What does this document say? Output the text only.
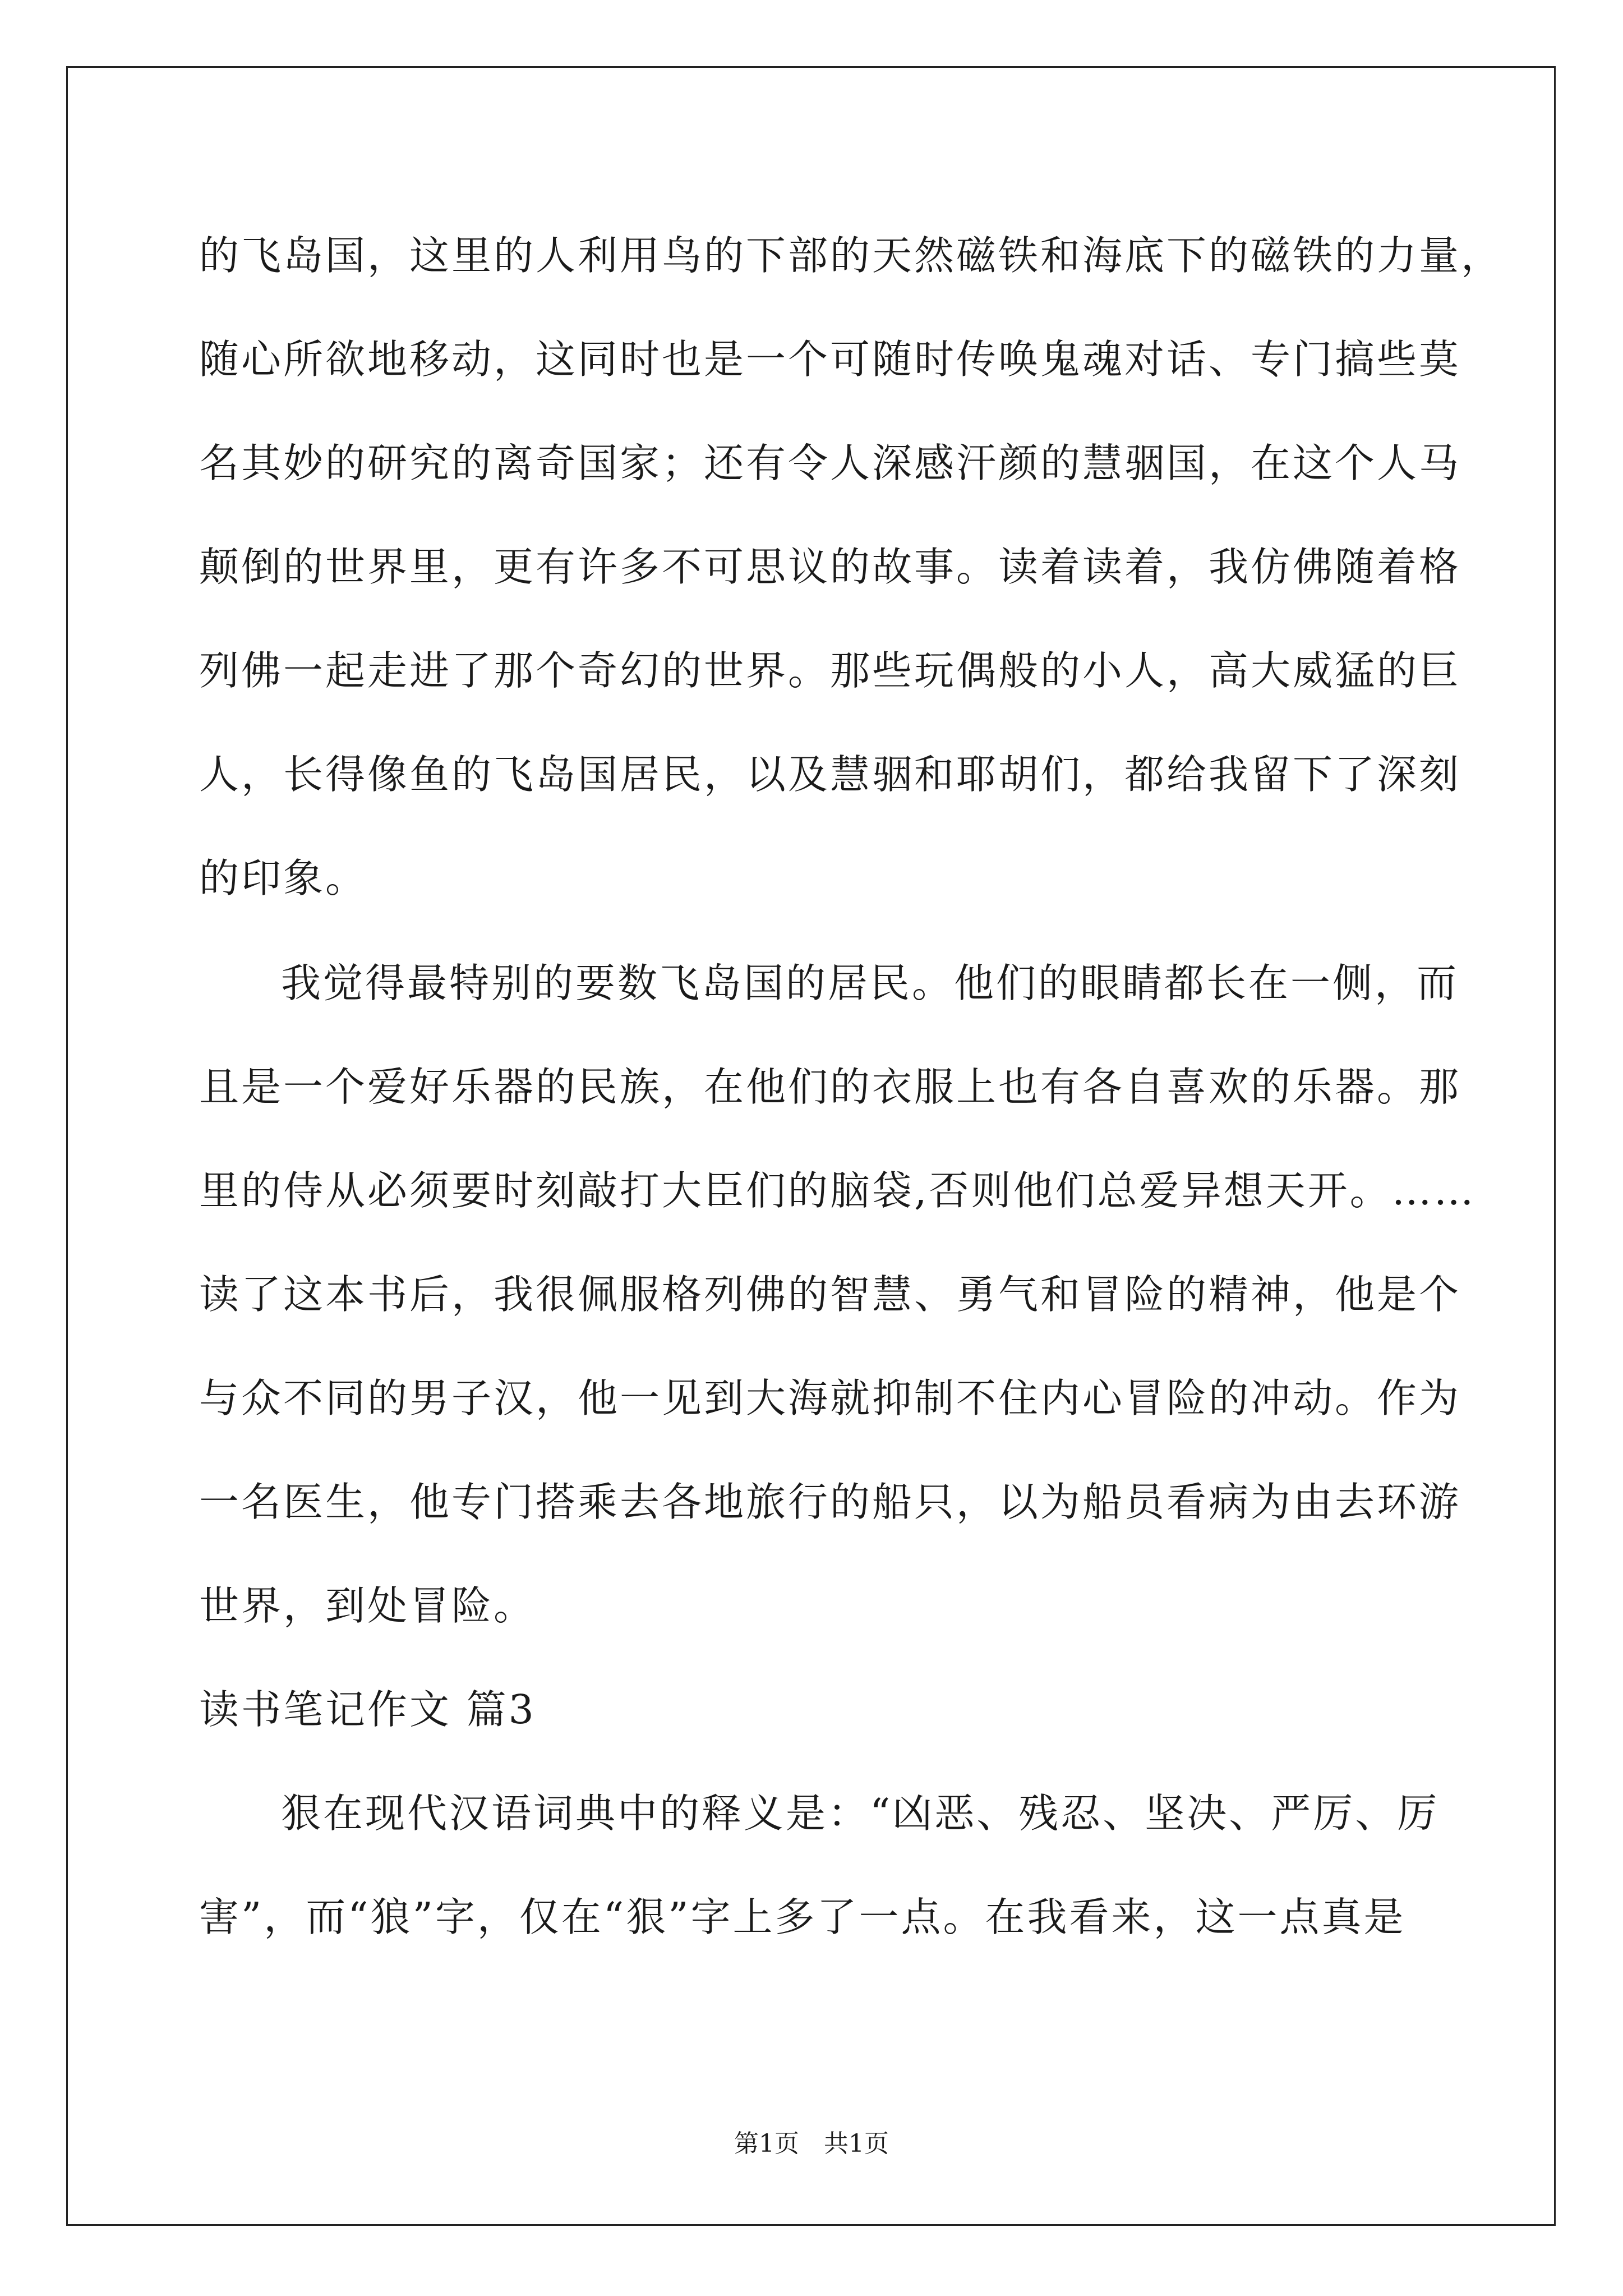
的飞岛国，这里的人利用鸟的下部的天然磁铁和海底下的磁铁的力量，
随心所欲地移动，这同时也是一个可随时传唤鬼魂对话、专门搞些莫
名其妙的研究的离奇国家；还有令人深感汗颜的慧骃国，在这个人马
颠倒的世界里，更有许多不可思议的故事。读着读着，我仿佛随着格
列佛一起走进了那个奇幻的世界。那些玩偶般的小人，高大威猛的巨
人，长得像鱼的飞岛国居民，以及慧骃和耶胡们，都给我留下了深刻
的印象。
我觉得最特别的要数飞岛国的居民。他们的眼睛都长在一侧，而
且是一个爱好乐器的民族，在他们的衣服上也有各自喜欢的乐器。那
里的侍从必须要时刻敲打大臣们的脑袋,否则他们总爱异想天开。……
读了这本书后，我很佩服格列佛的智慧、勇气和冒险的精神，他是个
与众不同的男子汉，他一见到大海就抑制不住内心冒险的冲动。作为
一名医生，他专门搭乘去各地旅行的船只，以为船员看病为由去环游
世界，到处冒险。
读书笔记作文 篇3
狠在现代汉语词典中的释义是：“凶恶、残忍、坚决、严厉、厉
害”，而“狼”字，仅在“狠”字上多了一点。在我看来，这一点真是
第1页 共1页
